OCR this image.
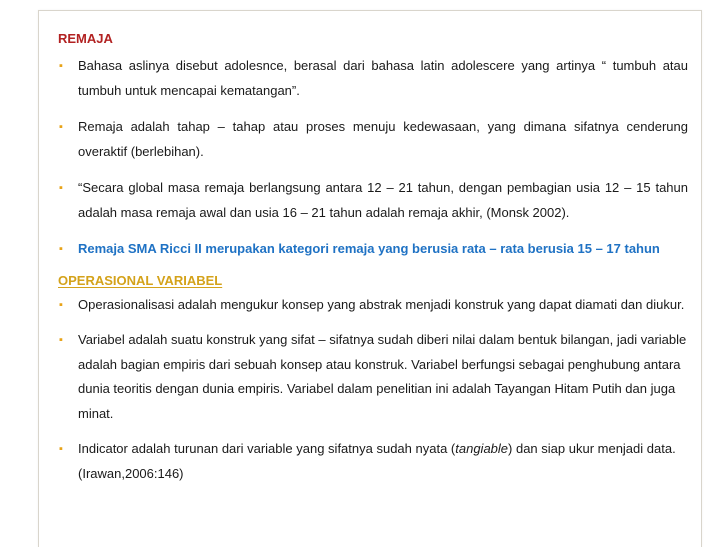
REMAJA
▪ Bahasa aslinya disebut adolesnce, berasal dari bahasa latin adolescere yang artinya “ tumbuh atau tumbuh untuk mencapai kematangan”.
▪ Remaja adalah tahap – tahap atau proses menuju kedewasaan, yang dimana sifatnya cenderung overaktif (berlebihan).
▪ “Secara global masa remaja berlangsung antara 12 – 21 tahun, dengan pembagian usia 12 – 15 tahun adalah masa remaja awal dan usia 16 – 21 tahun adalah remaja akhir, (Monsk 2002).
▪ Remaja SMA Ricci II merupakan kategori remaja yang berusia rata – rata berusia 15 – 17 tahun
OPERASIONAL VARIABEL
▪ Operasionalisasi adalah mengukur konsep yang abstrak menjadi konstruk yang dapat diamati dan diukur.
▪ Variabel adalah suatu konstruk yang sifat – sifatnya sudah diberi nilai dalam bentuk bilangan, jadi variable adalah bagian empiris dari sebuah konsep atau konstruk. Variabel berfungsi sebagai penghubung antara dunia teoritis dengan dunia empiris. Variabel dalam penelitian ini adalah Tayangan Hitam Putih dan juga minat.
▪ Indicator adalah turunan dari variable yang sifatnya sudah nyata (tangiable) dan siap ukur menjadi data. (Irawan,2006:146)
